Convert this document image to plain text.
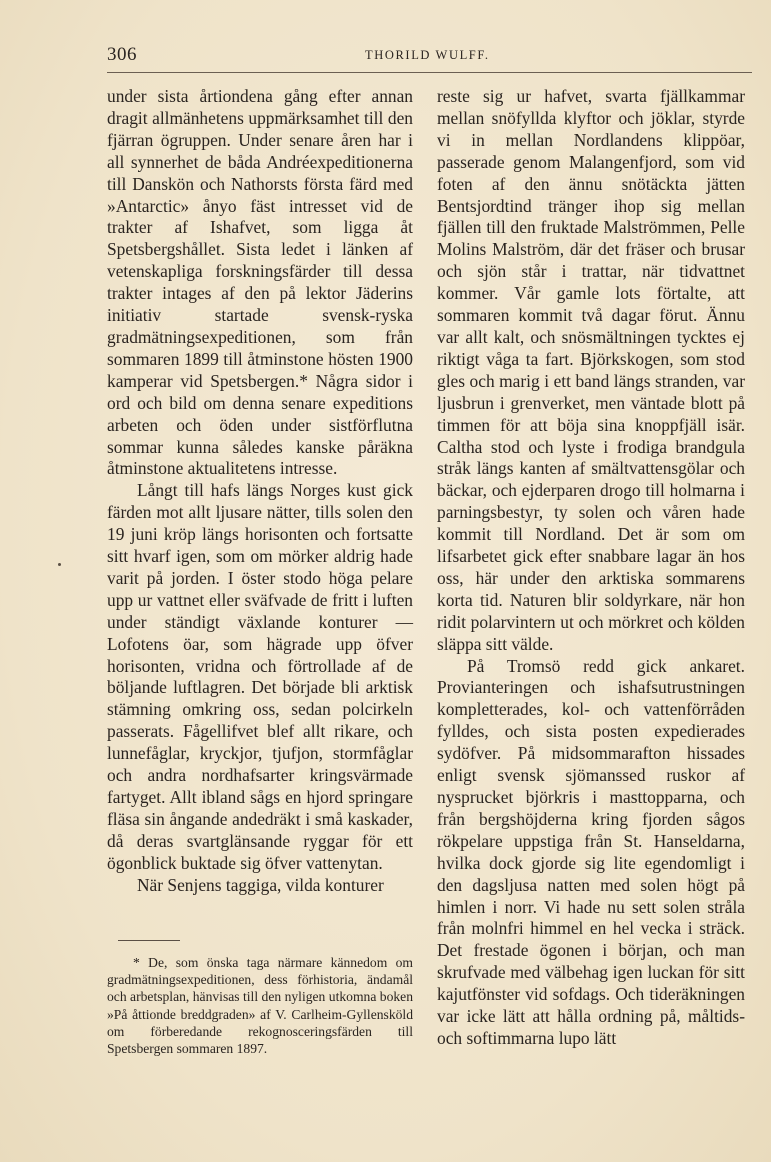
306	THORILD WULFF.

under sista årtiondena gång efter annan dragit allmänhetens uppmärksamhet till den fjärran ögruppen. Under senare åren har i all synnerhet de båda Andréexpeditionerna till Danskön och Nathorsts första färd med »Antarctic» ånyo fäst intresset vid de trakter af Ishafvet, som ligga åt Spetsbergshållet. Sista ledet i länken af vetenskapliga forskningsfärder till dessa trakter intages af den på lektor Jäderins initiativ startade svensk-ryska gradmätningsexpeditionen, som från sommaren 1899 till åtminstone hösten 1900 kamperar vid Spetsbergen.* Några sidor i ord och bild om denna senare expeditions arbeten och öden under sistförflutna sommar kunna således kanske påräkna åtminstone aktualitetens intresse.

Långt till hafs längs Norges kust gick färden mot allt ljusare nätter, tills solen den 19 juni kröp längs horisonten och fortsatte sitt hvarf igen, som om mörker aldrig hade varit på jorden. I öster stodo höga pelare upp ur vattnet eller sväfvade de fritt i luften under ständigt växlande konturer — Lofotens öar, som hägrade upp öfver horisonten, vridna och förtrollade af de böljande luftlagren. Det började bli arktisk stämning omkring oss, sedan polcirkeln passerats. Fågellifvet blef allt rikare, och lunnefåglar, kryckjor, tjufjon, stormfåglar och andra nordhafsarter kringsvärmade fartyget. Allt ibland sågs en hjord springare fläsa sin ångande andedräkt i små kaskader, då deras svartglänsande ryggar för ett ögonblick buktade sig öfver vattenytan.

När Senjens taggiga, vilda konturer

* De, som önska taga närmare kännedom om gradmätningsexpeditionen, dess förhistoria, ändamål och arbetsplan, hänvisas till den nyligen utkomna boken »På åttionde breddgraden» af V. Carlheim-Gyllensköld om förberedande rekognosceringsfärden till Spetsbergen sommaren 1897.

reste sig ur hafvet, svarta fjällkammar mellan snöfyllda klyftor och jöklar, styrde vi in mellan Nordlandens klippöar, passerade genom Malangenfjord, som vid foten af den ännu snötäckta jätten Bentsjordtind tränger ihop sig mellan fjällen till den fruktade Malströmmen, Pelle Molins Malström, där det fräser och brusar och sjön står i trattar, när tidvattnet kommer. Vår gamle lots förtalte, att sommaren kommit två dagar förut. Ännu var allt kalt, och snösmältningen tycktes ej riktigt våga ta fart. Björkskogen, som stod gles och marig i ett band längs stranden, var ljusbrun i grenverket, men väntade blott på timmen för att böja sina knoppfjäll isär. Caltha stod och lyste i frodiga brandgula stråk längs kanten af smältvattensgölar och bäckar, och ejderparen drogo till holmarna i parningsbestyr, ty solen och våren hade kommit till Nordland. Det är som om lifsarbetet gick efter snabbare lagar än hos oss, här under den arktiska sommarens korta tid. Naturen blir soldyrkare, när hon ridit polarvintern ut och mörkret och kölden släppa sitt välde.

På Tromsö redd gick ankaret. Provianteringen och ishafsutrustningen kompletterades, kol- och vattenförråden fylldes, och sista posten expedierades sydöfver. På midsommarafton hissades enligt svensk sjömanssed ruskor af nysprucket björkris i masttopparna, och från bergshöjderna kring fjorden sågos rökpelare uppstiga från St. Hanseldarna, hvilka dock gjorde sig lite egendomligt i den dagsljusa natten med solen högt på himlen i norr. Vi hade nu sett solen stråla från molnfri himmel en hel vecka i sträck. Det frestade ögonen i början, och man skrufvade med välbehag igen luckan för sitt kajutfönster vid sofdags. Och tideräkningen var icke lätt att hålla ordning på, måltids- och softimmarna lupo lätt
